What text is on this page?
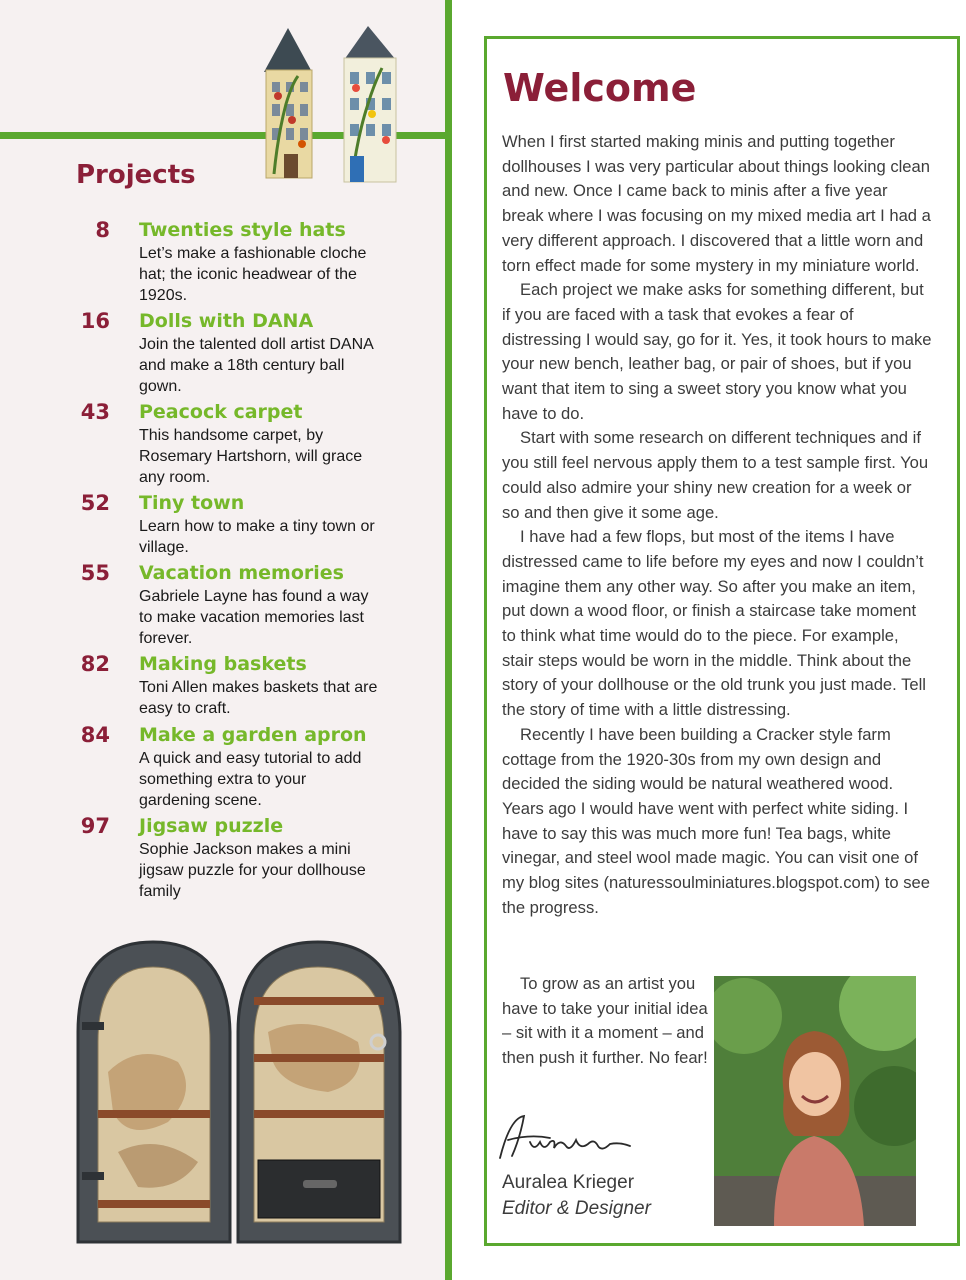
Projects
8 Twenties style hats
Let’s make a fashionable cloche hat; the iconic headwear of the 1920s.
16 Dolls with DANA
Join the talented doll artist DANA and make a 18th century ball gown.
43 Peacock carpet
This handsome carpet, by Rosemary Hartshorn, will grace any room.
52 Tiny town
Learn how to make a tiny town or village.
55 Vacation memories
Gabriele Layne has found a way to make vacation memories last forever.
82 Making baskets
Toni Allen makes baskets that are easy to craft.
84 Make a garden apron
A quick and easy tutorial to add something extra to your gardening scene.
97 Jigsaw puzzle
Sophie Jackson makes a mini jigsaw puzzle for your dollhouse family
Welcome

When I first started making minis and putting together dollhouses I was very particular about things looking clean and new. Once I came back to minis after a five year break where I was focusing on my mixed media art I had a very different approach. I discovered that a little worn and torn effect made for some mystery in my miniature world.

Each project we make asks for something different, but if you are faced with a task that evokes a fear of distressing I would say, go for it. Yes, it took hours to make your new bench, leather bag, or pair of shoes, but if you want that item to sing a sweet story you know what you have to do.

Start with some research on different techniques and if you still feel nervous apply them to a test sample first. You could also admire your shiny new creation for a week or so and then give it some age.

I have had a few flops, but most of the items I have distressed came to life before my eyes and now I couldn’t imagine them any other way. So after you make an item, put down a wood floor, or finish a staircase take moment to think what time would do to the piece. For example, stair steps would be worn in the middle. Think about the story of your dollhouse or the old trunk you just made. Tell the story of time with a little distressing.

Recently I have been building a Cracker style farm cottage from the 1920-30s from my own design and decided the siding would be natural weathered wood. Years ago I would have went with perfect white siding. I have to say this was much more fun! Tea bags, white vinegar, and steel wool made magic. You can visit one of my blog sites (naturessoulminiatures.blogspot.com) to see the progress.

To grow as an artist you have to take your initial idea – sit with it a moment – and then push it further. No fear!
Auralea Krieger
Editor & Designer
